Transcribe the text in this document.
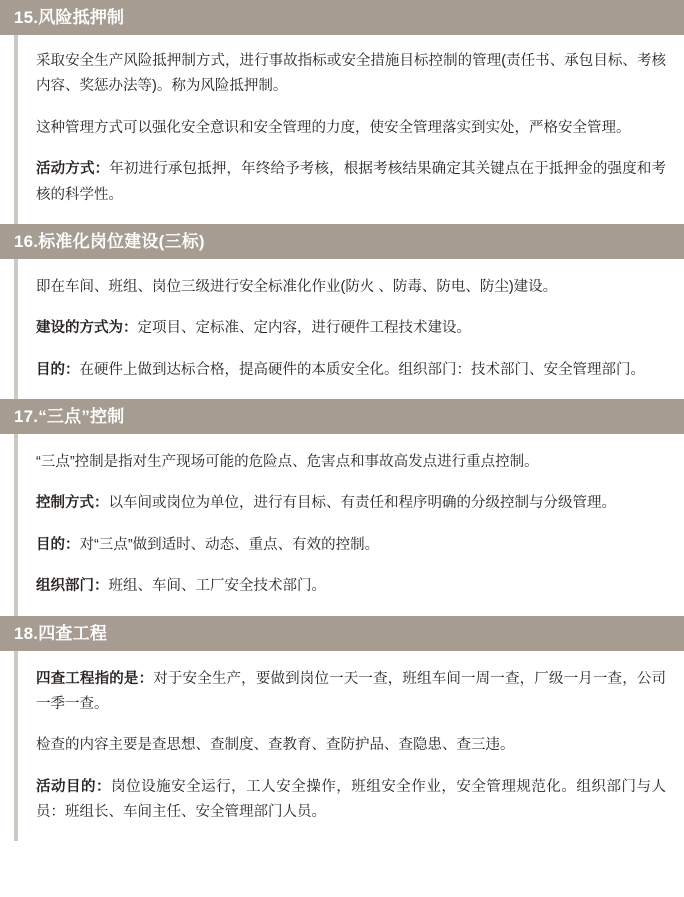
15.风险抵押制

采取安全生产风险抵押制方式，进行事故指标或安全措施目标控制的管理(责任书、承包目标、考核内容、奖惩办法等)。称为风险抵押制。

这种管理方式可以强化安全意识和安全管理的力度，使安全管理落实到实处，严格安全管理。

活动方式：年初进行承包抵押，年终给予考核，根据考核结果确定其关键点在于抵押金的强度和考核的科学性。

16.标准化岗位建设(三标)

即在车间、班组、岗位三级进行安全标准化作业(防火 、防毒、防电、防尘)建设。

建设的方式为：定项目、定标准、定内容，进行硬件工程技术建设。

目的：在硬件上做到达标合格，提高硬件的本质安全化。组织部门：技术部门、安全管理部门。

17.“三点”控制

“三点”控制是指对生产现场可能的危险点、危害点和事故高发点进行重点控制。

控制方式：以车间或岗位为单位，进行有目标、有责任和程序明确的分级控制与分级管理。

目的：对“三点”做到适时、动态、重点、有效的控制。

组织部门：班组、车间、工厂安全技术部门。

18.四查工程

四查工程指的是：对于安全生产，要做到岗位一天一查，班组车间一周一查，厂级一月一查，公司一季一查。

检查的内容主要是查思想、查制度、查教育、查防护品、查隐患、查三违。

活动目的：岗位设施安全运行，工人安全操作，班组安全作业，安全管理规范化。组织部门与人员：班组长、车间主任、安全管理部门人员。
